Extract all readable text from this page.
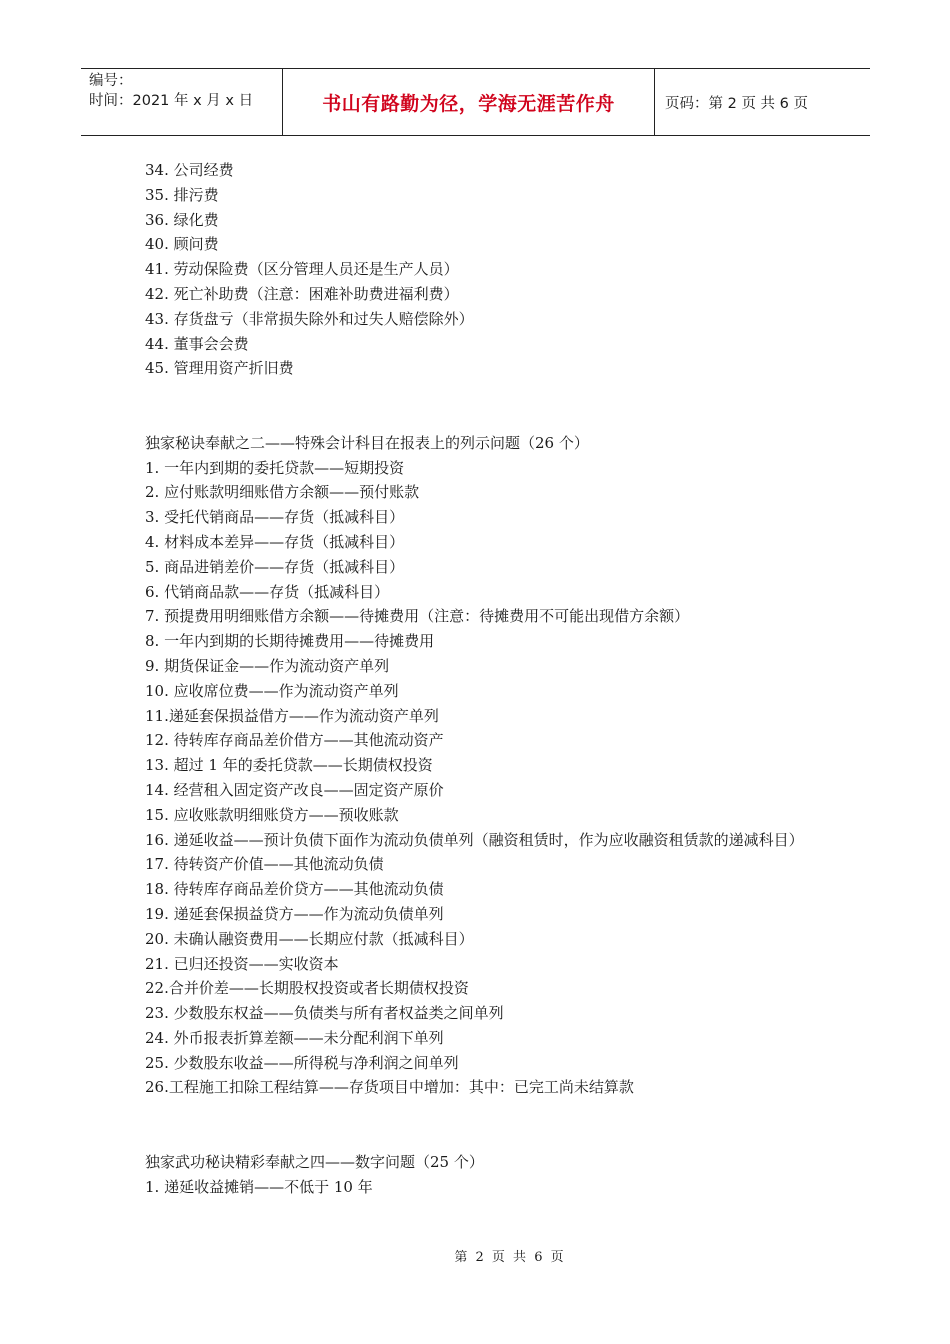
编号：
时间：2021 年 x 月 x 日	书山有路勤为径，学海无涯苦作舟	页码：第 2 页 共 6 页

34. 公司经费

35. 排污费

36. 绿化费

40. 顾问费

41. 劳动保险费（区分管理人员还是生产人员）

42. 死亡补助费（注意：困难补助费进福利费）

43. 存货盘亏（非常损失除外和过失人赔偿除外）

44. 董事会会费

45. 管理用资产折旧费

独家秘诀奉献之二——特殊会计科目在报表上的列示问题（26 个）

1. 一年内到期的委托贷款——短期投资

2. 应付账款明细账借方余额——预付账款

3. 受托代销商品——存货（抵减科目）

4. 材料成本差异——存货（抵减科目）

5. 商品进销差价——存货（抵减科目）

6. 代销商品款——存货（抵减科目）

7. 预提费用明细账借方余额——待摊费用（注意：待摊费用不可能出现借方余额）

8. 一年内到期的长期待摊费用——待摊费用

9. 期货保证金——作为流动资产单列

10. 应收席位费——作为流动资产单列

11.递延套保损益借方——作为流动资产单列

12. 待转库存商品差价借方——其他流动资产

13. 超过 1 年的委托贷款——长期债权投资

14. 经营租入固定资产改良——固定资产原价

15. 应收账款明细账贷方——预收账款

16. 递延收益——预计负债下面作为流动负债单列（融资租赁时，作为应收融资租赁款的递减科目）

17. 待转资产价值——其他流动负债

18. 待转库存商品差价贷方——其他流动负债

19. 递延套保损益贷方——作为流动负债单列

20. 未确认融资费用——长期应付款（抵减科目）

21. 已归还投资——实收资本

22.合并价差——长期股权投资或者长期债权投资

23. 少数股东权益——负债类与所有者权益类之间单列

24. 外币报表折算差额——未分配利润下单列

25. 少数股东收益——所得税与净利润之间单列

26.工程施工扣除工程结算——存货项目中增加：其中：已完工尚未结算款

独家武功秘诀精彩奉献之四——数字问题（25 个）

1. 递延收益摊销——不低于 10 年

第 2 页 共 6 页
